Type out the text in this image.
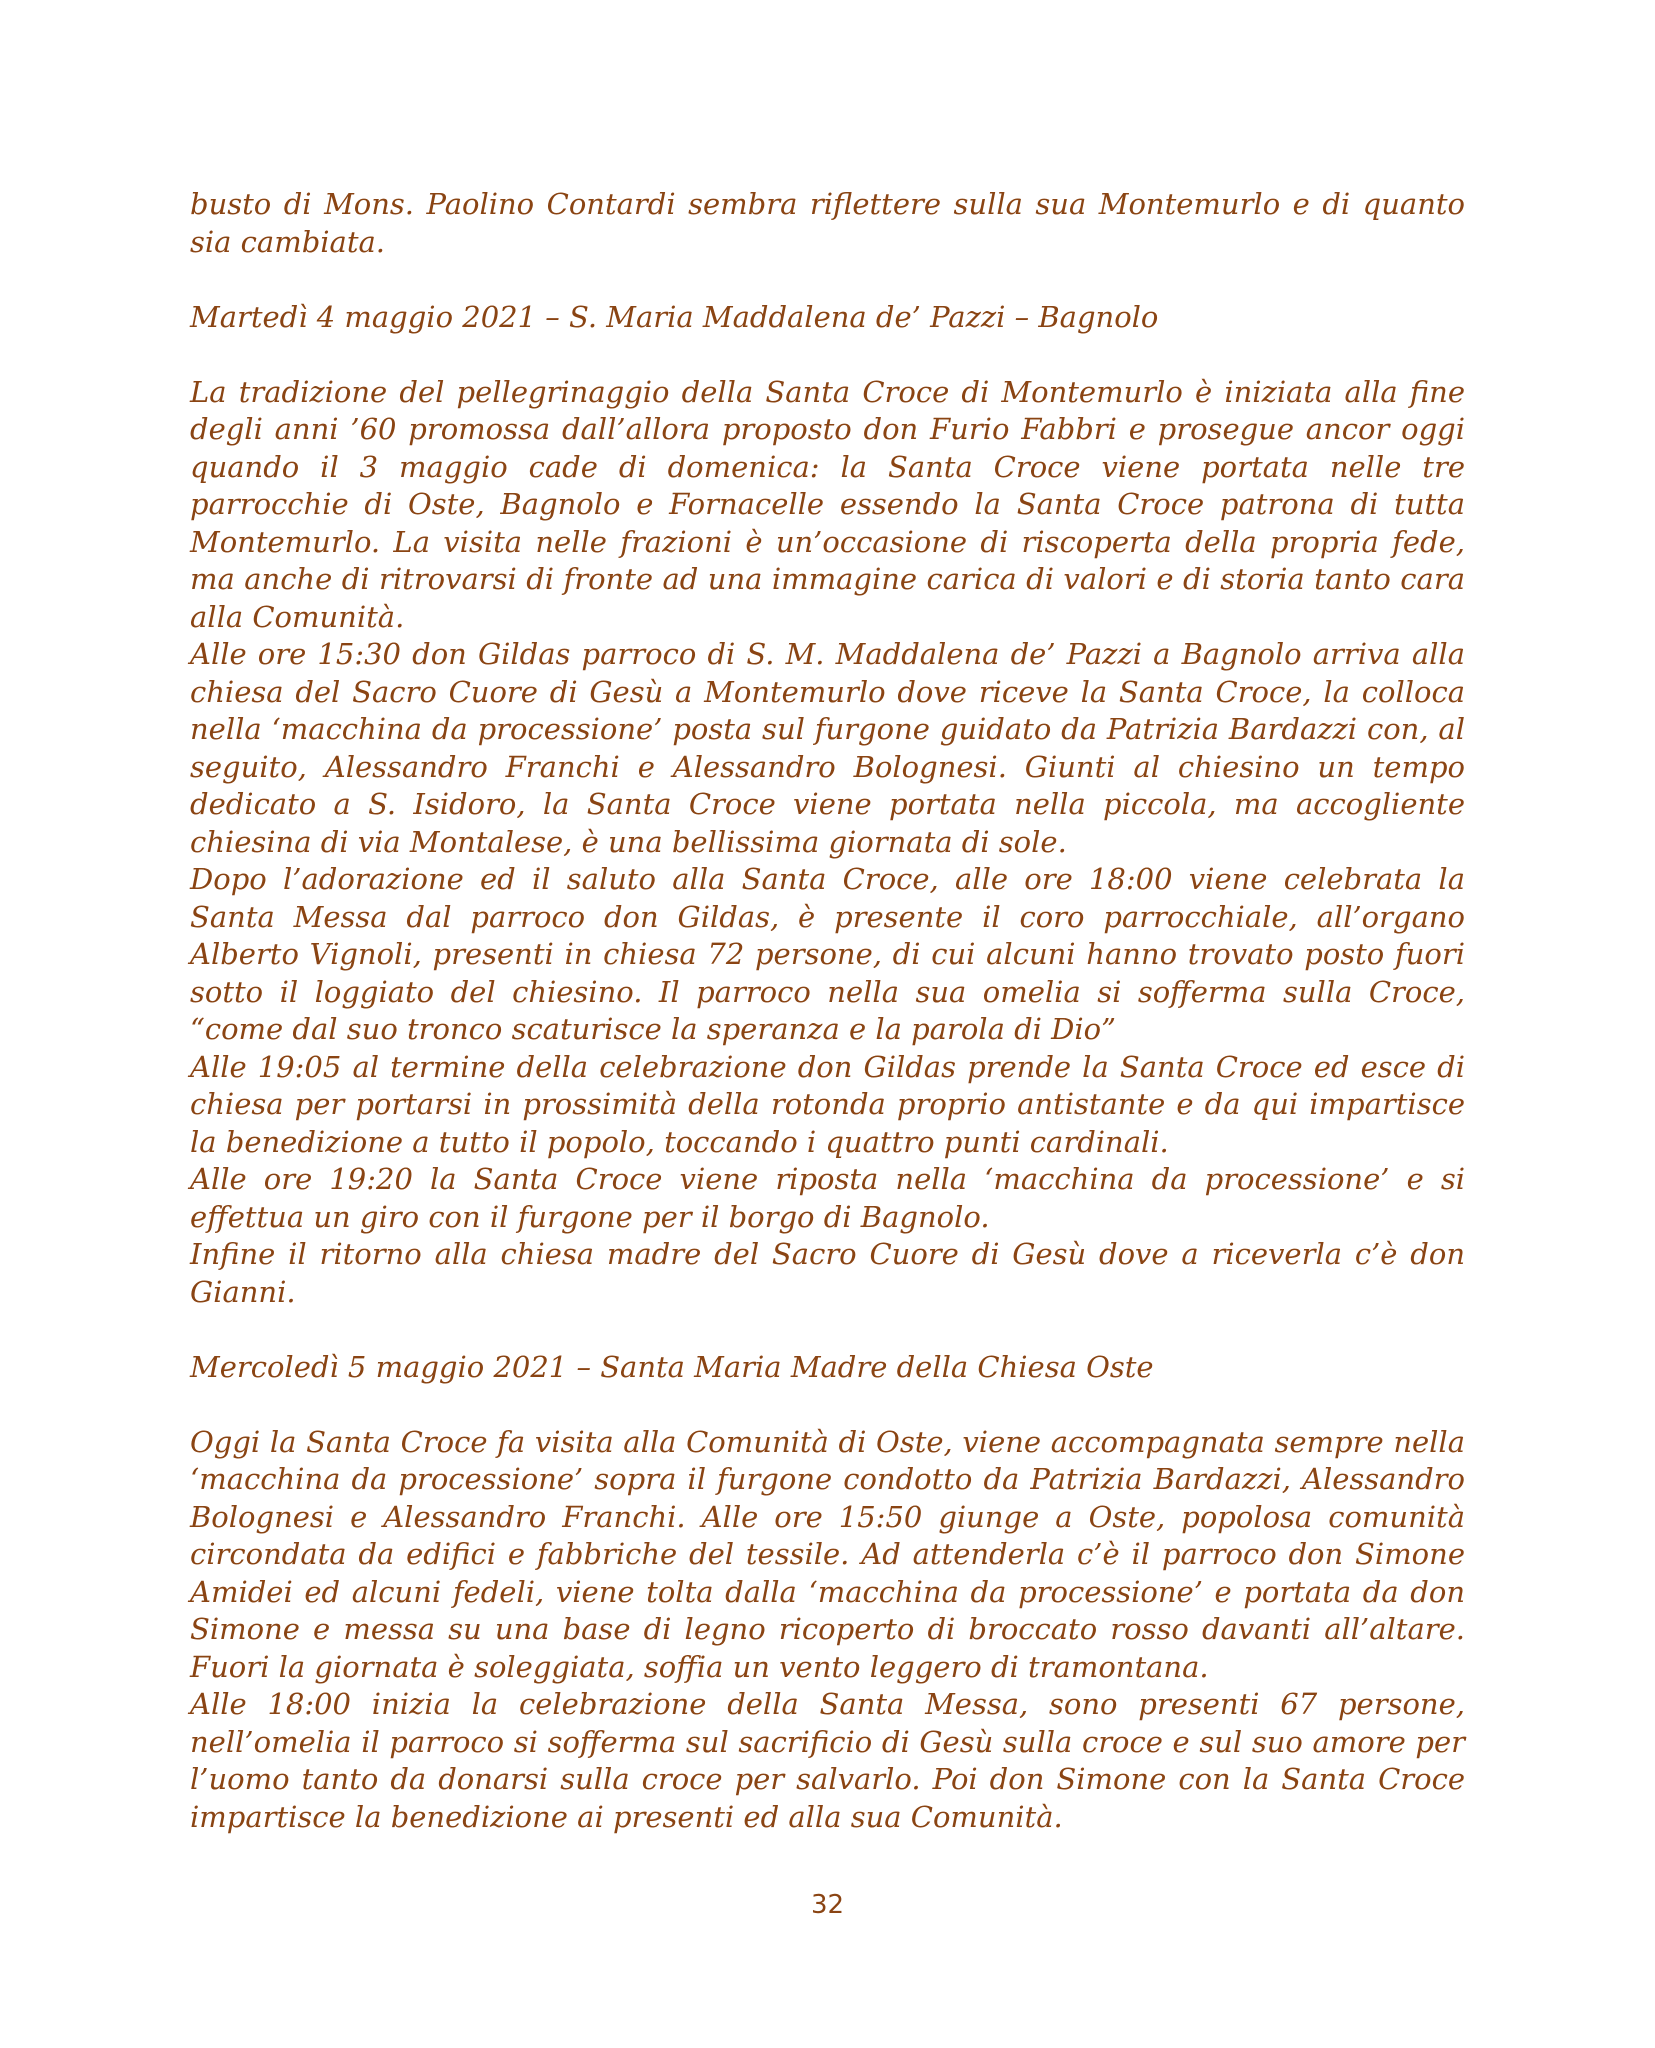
busto di Mons. Paolino Contardi sembra riflettere sulla sua Montemurlo e di quanto sia cambiata.

Martedì 4 maggio 2021 – S. Maria Maddalena de’ Pazzi – Bagnolo

La tradizione del pellegrinaggio della Santa Croce di Montemurlo è iniziata alla fine degli anni ’60 promossa dall’allora proposto don Furio Fabbri e prosegue ancor oggi quando il 3 maggio cade di domenica: la Santa Croce viene portata nelle tre parrocchie di Oste, Bagnolo e Fornacelle essendo la Santa Croce patrona di tutta Montemurlo. La visita nelle frazioni è un’occasione di riscoperta della propria fede, ma anche di ritrovarsi di fronte ad una immagine carica di valori e di storia tanto cara alla Comunità.

Alle ore 15:30 don Gildas parroco di S. M. Maddalena de’ Pazzi a Bagnolo arriva alla chiesa del Sacro Cuore di Gesù a Montemurlo dove riceve la Santa Croce, la colloca nella ‘macchina da processione’ posta sul furgone guidato da Patrizia Bardazzi con, al seguito, Alessandro Franchi e Alessandro Bolognesi. Giunti al chiesino un tempo dedicato a S. Isidoro, la Santa Croce viene portata nella piccola, ma accogliente chiesina di via Montalese, è una bellissima giornata di sole.

Dopo l’adorazione ed il saluto alla Santa Croce, alle ore 18:00 viene celebrata la Santa Messa dal parroco don Gildas, è presente il coro parrocchiale, all’organo Alberto Vignoli, presenti in chiesa 72 persone, di cui alcuni hanno trovato posto fuori sotto il loggiato del chiesino. Il parroco nella sua omelia si sofferma sulla Croce, “come dal suo tronco scaturisce la speranza e la parola di Dio”

Alle 19:05 al termine della celebrazione don Gildas prende la Santa Croce ed esce di chiesa per portarsi in prossimità della rotonda proprio antistante e da qui impartisce la benedizione a tutto il popolo, toccando i quattro punti cardinali.

Alle ore 19:20 la Santa Croce viene riposta nella ‘macchina da processione’ e si effettua un giro con il furgone per il borgo di Bagnolo.

Infine il ritorno alla chiesa madre del Sacro Cuore di Gesù dove a riceverla c’è don Gianni.

Mercoledì 5 maggio 2021 – Santa Maria Madre della Chiesa Oste

Oggi la Santa Croce fa visita alla Comunità di Oste, viene accompagnata sempre nella ‘macchina da processione’ sopra il furgone condotto da Patrizia Bardazzi, Alessandro Bolognesi e Alessandro Franchi. Alle ore 15:50 giunge a Oste, popolosa comunità circondata da edifici e fabbriche del tessile. Ad attenderla c’è il parroco don Simone Amidei ed alcuni fedeli, viene tolta dalla ‘macchina da processione’ e portata da don Simone e messa su una base di legno ricoperto di broccato rosso davanti all’altare. Fuori la giornata è soleggiata, soffia un vento leggero di tramontana.

Alle 18:00 inizia la celebrazione della Santa Messa, sono presenti 67 persone, nell’omelia il parroco si sofferma sul sacrificio di Gesù sulla croce e sul suo amore per l’uomo tanto da donarsi sulla croce per salvarlo. Poi don Simone con la Santa Croce impartisce la benedizione ai presenti ed alla sua Comunità.

32
